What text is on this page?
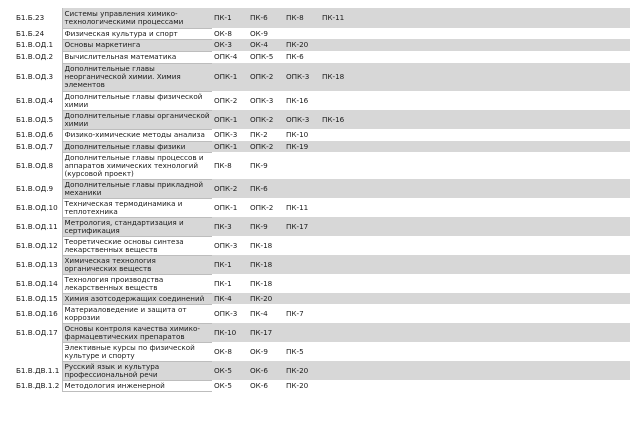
Б1.Б.23	Системы управления химико-технологическими процессами	ПК-1	ПК-6	ПК-8	ПК-11	
Б1.Б.24	Физическая культура и спорт	ОК-8	ОК-9			
Б1.В.ОД.1	Основы маркетинга	ОК-3	ОК-4	ПК-20		
Б1.В.ОД.2	Вычислительная математика	ОПК-4	ОПК-5	ПК-6		
Б1.В.ОД.3	Дополнительные главы неорганической химии. Химия элементов	ОПК-1	ОПК-2	ОПК-3	ПК-18	
Б1.В.ОД.4	Дополнительные главы физической химии	ОПК-2	ОПК-3	ПК-16		
Б1.В.ОД.5	Дополнительные главы органической химии	ОПК-1	ОПК-2	ОПК-3	ПК-16	
Б1.В.ОД.6	Физико-химические методы анализа	ОПК-3	ПК-2	ПК-10		
Б1.В.ОД.7	Дополнительные главы физики	ОПК-1	ОПК-2	ПК-19		
Б1.В.ОД.8	Дополнительные главы процессов и аппаратов химических технологий (курсовой проект)	ПК-8	ПК-9			
Б1.В.ОД.9	Дополнительные главы прикладной механики	ОПК-2	ПК-6			
Б1.В.ОД.10	Техническая термодинамика и теплотехника	ОПК-1	ОПК-2	ПК-11		
Б1.В.ОД.11	Метрология, стандартизация и сертификация	ПК-3	ПК-9	ПК-17		
Б1.В.ОД.12	Теоретические основы синтеза лекарственных веществ	ОПК-3	ПК-18			
Б1.В.ОД.13	Химическая технология органических веществ	ПК-1	ПК-18			
Б1.В.ОД.14	Технология производства лекарственных веществ	ПК-1	ПК-18			
Б1.В.ОД.15	Химия азотсодержащих соединений	ПК-4	ПК-20			
Б1.В.ОД.16	Материаловедение и защита от коррозии	ОПК-3	ПК-4	ПК-7		
Б1.В.ОД.17	Основы контроля качества химико-фармацевтических препаратов	ПК-10	ПК-17			
	Элективные курсы по физической культуре и спорту	ОК-8	ОК-9	ПК-5		
Б1.В.ДВ.1.1	Русский язык и культура профессиональной речи	ОК-5	ОК-6	ПК-20		
Б1.В.ДВ.1.2	Методология инженерной	ОК-5	ОК-6	ПК-20		
